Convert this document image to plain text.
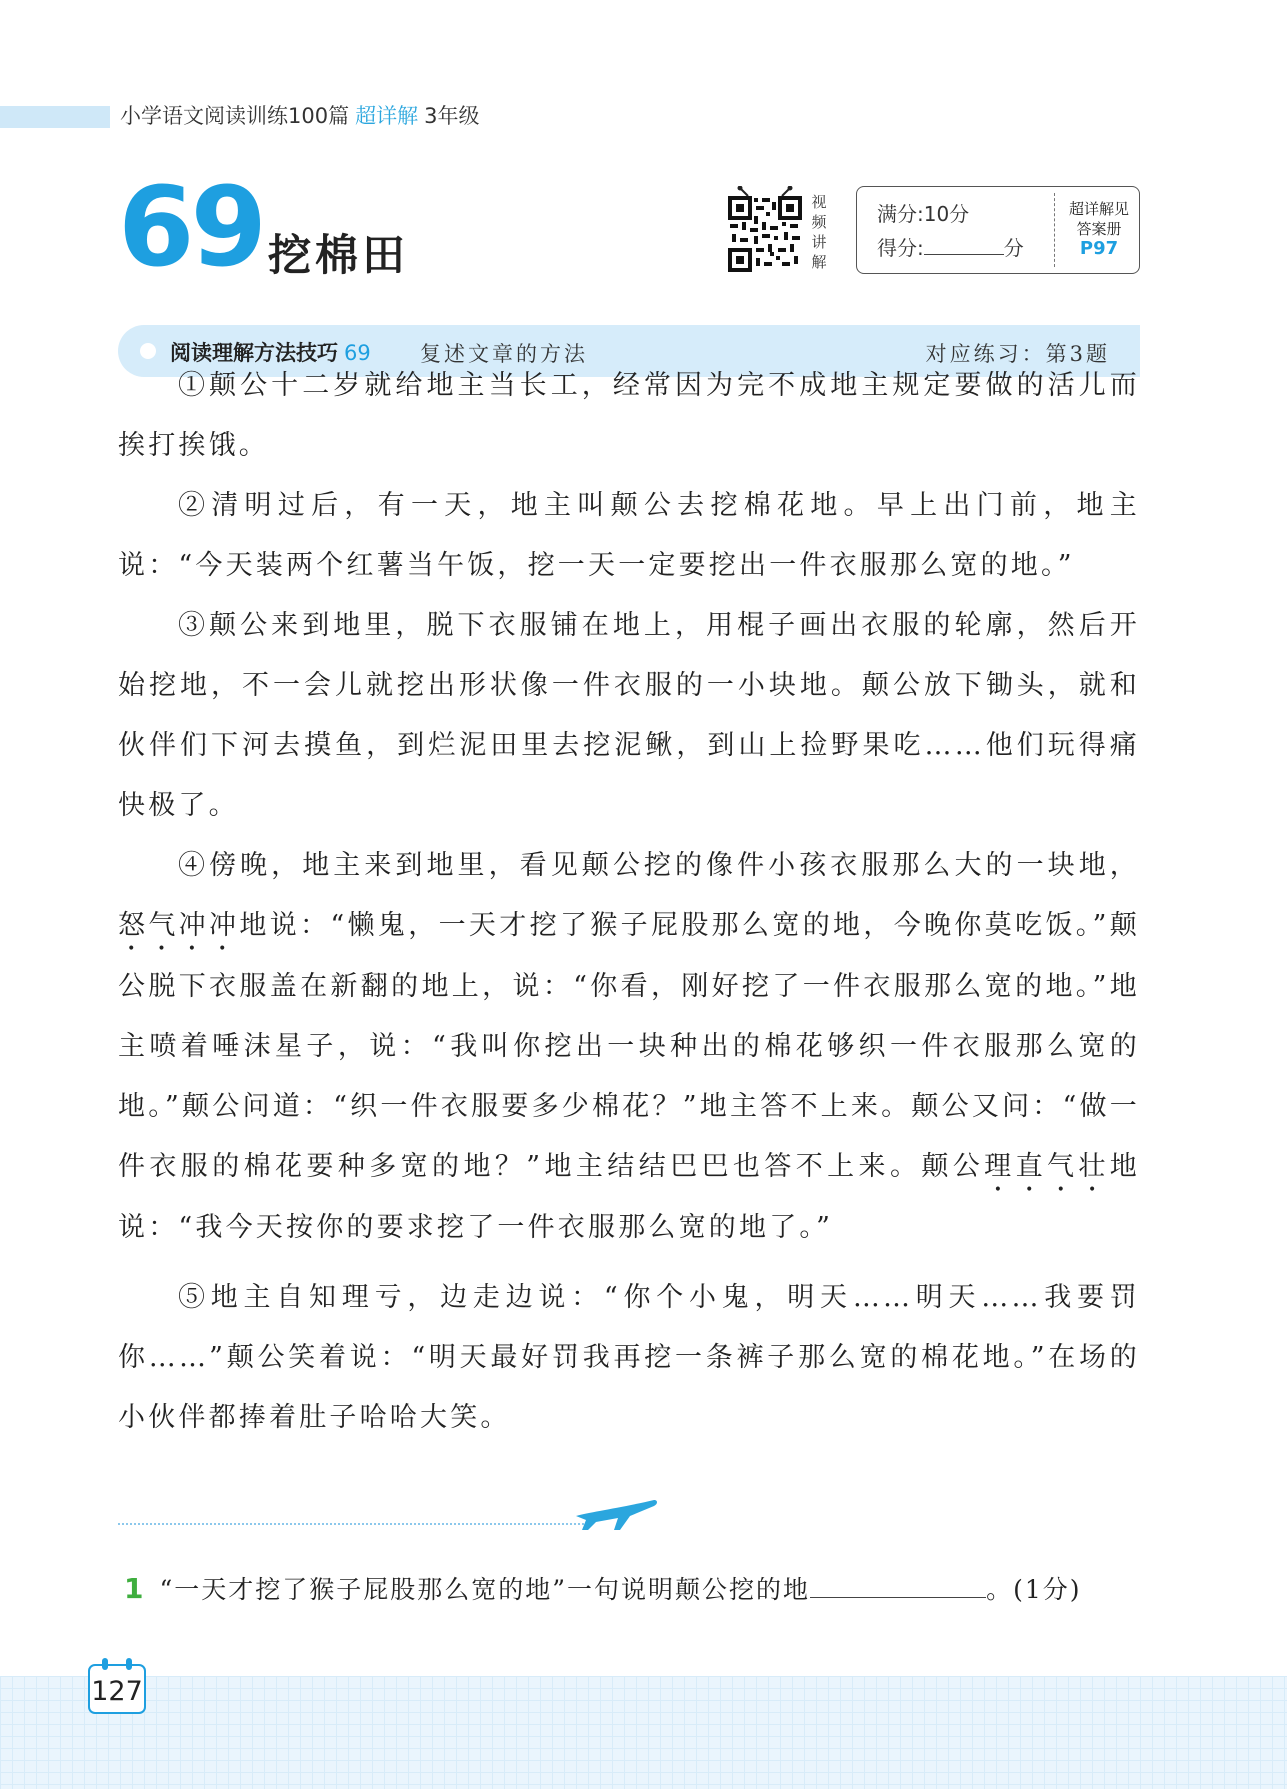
小学语文阅读训练100篇 超详解 3年级
69 挖棉田
视
频
讲
解
满分:10分
得分:	分
超详解见
答案册
P97
阅读理解方法技巧 69 复述文章的方法	对应练习：第3题

①颠公十二岁就给地主当长工，经常因为完不成地主规定要做的活儿而挨打挨饿。

②清明过后，有一天，地主叫颠公去挖棉花地。早上出门前，地主说：“今天装两个红薯当午饭，挖一天一定要挖出一件衣服那么宽的地。”

③颠公来到地里，脱下衣服铺在地上，用棍子画出衣服的轮廓，然后开始挖地，不一会儿就挖出形状像一件衣服的一小块地。颠公放下锄头，就和伙伴们下河去摸鱼，到烂泥田里去挖泥鳅，到山上捡野果吃……他们玩得痛快极了。

④傍晚，地主来到地里，看见颠公挖的像件小孩衣服那么大的一块地，怒气冲冲地说：“懒鬼，一天才挖了猴子屁股那么宽的地，今晚你莫吃饭。”颠公脱下衣服盖在新翻的地上，说：“你看，刚好挖了一件衣服那么宽的地。”地主喷着唾沫星子，说：“我叫你挖出一块种出的棉花够织一件衣服那么宽的地。”颠公问道：“织一件衣服要多少棉花？”地主答不上来。颠公又问：“做一件衣服的棉花要种多宽的地？”地主结结巴巴也答不上来。颠公理直气壮地说：“我今天按你的要求挖了一件衣服那么宽的地了。”

⑤地主自知理亏，边走边说：“你个小鬼，明天……明天……我要罚你……”颠公笑着说：“明天最好罚我再挖一条裤子那么宽的棉花地。”在场的小伙伴都捧着肚子哈哈大笑。

1 “一天才挖了猴子屁股那么宽的地”一句说明颠公挖的地	。(1分)
127
